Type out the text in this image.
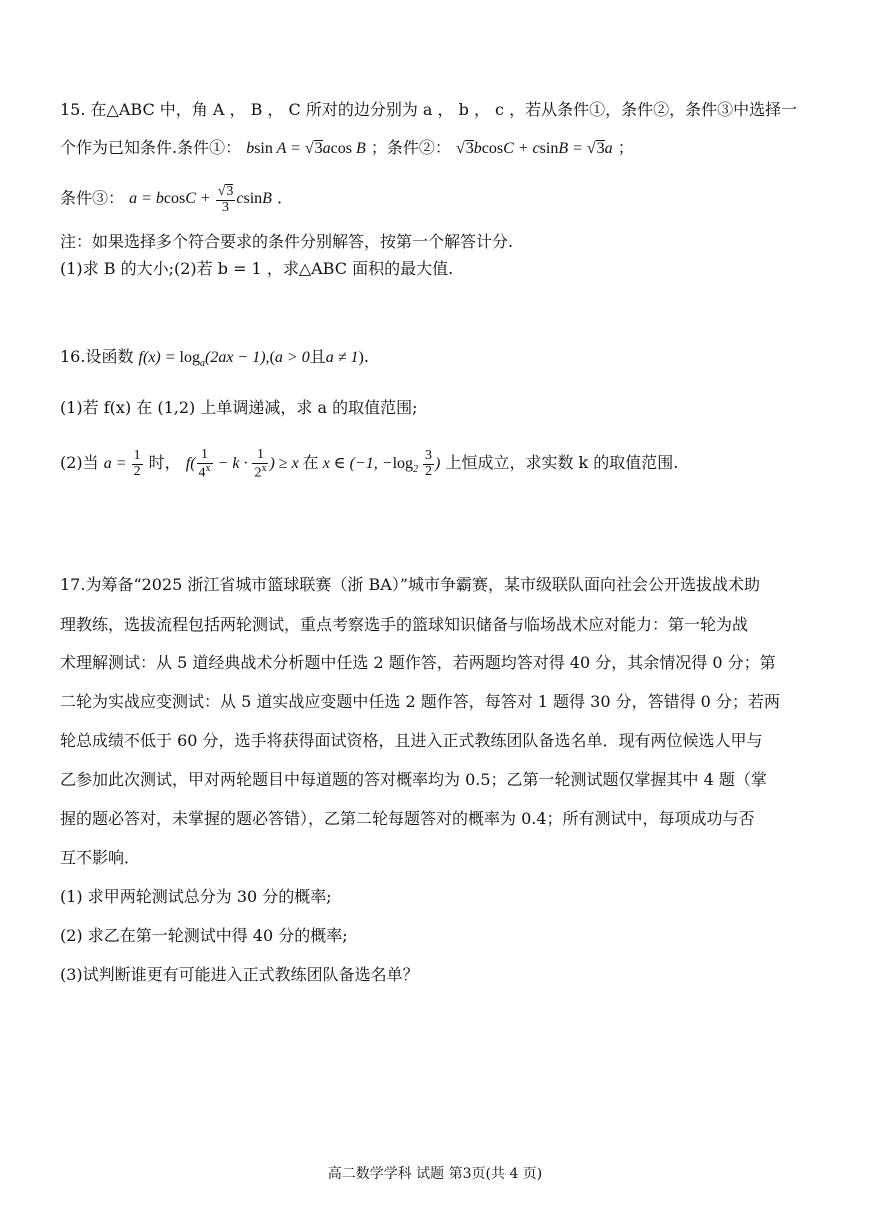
15. 在△ABC 中，角 A ， B ， C 所对的边分别为 a ， b ， c ，若从条件①，条件②，条件③中选择一
个作为已知条件.条件①： bsin A = √3acos B ；条件②： √3bcosC + csinB = √3a ；
条件③： $a = bcosC + \frac{√3}{3}$ csinB .
注：如果选择多个符合要求的条件分别解答，按第一个解答计分.
(1)求 B 的大小;(2)若 b = 1 ，求△ABC 面积的最大值.
16.设函数 $f(x) = \log_a(2ax - 1),(a > 0$且a ≠ 1).
(1)若 f(x) 在 (1,2) 上单调递减，求 a 的取值范围;
(2)当 $a = \frac{1}{2}$ 时， $f( \frac{1}{4^x} - k \cdot \frac{1}{2^x}$ ) ≥ x 在 x ∈ (−1, $-\log_2 \frac{3}{2}$ ) 上恒成立，求实数 k 的取值范围.
17.为筹备“2025 浙江省城市篮球联赛（浙 BA）”城市争霸赛，某市级联队面向社会公开选拔战术助
理教练，选拔流程包括两轮测试，重点考察选手的篮球知识储备与临场战术应对能力：第一轮为战
术理解测试：从 5 道经典战术分析题中任选 2 题作答，若两题均答对得 40 分，其余情况得 0 分；第
二轮为实战应变测试：从 5 道实战应变题中任选 2 题作答，每答对 1 题得 30 分，答错得 0 分；若两
轮总成绩不低于 60 分，选手将获得面试资格，且进入正式教练团队备选名单．现有两位候选人甲与
乙参加此次测试，甲对两轮题目中每道题的答对概率均为 0.5；乙第一轮测试题仅掌握其中 4 题（掌
握的题必答对，未掌握的题必答错），乙第二轮每题答对的概率为 0.4；所有测试中，每项成功与否
互不影响．
(1) 求甲两轮测试总分为 30 分的概率;
(2) 求乙在第一轮测试中得 40 分的概率;
(3)试判断谁更有可能进入正式教练团队备选名单？
高二数学学科 试题 第3页(共 4 页)
